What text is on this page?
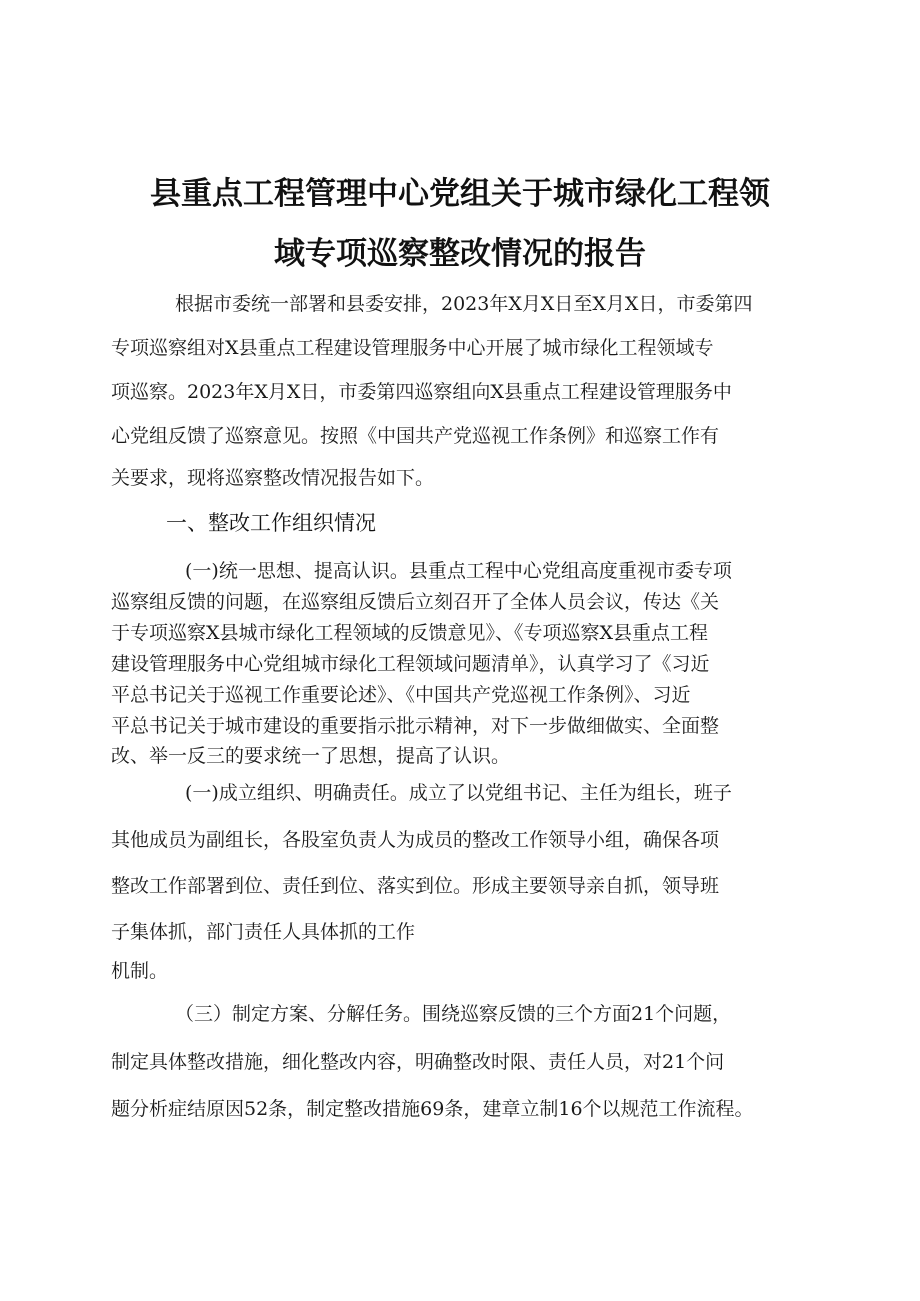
县重点工程管理中心党组关于城市绿化工程领
域专项巡察整改情况的报告
根据市委统一部署和县委安排，2023年X月X日至X月X日，市委第四
专项巡察组对X县重点工程建设管理服务中心开展了城市绿化工程领域专
项巡察。2023年X月X日，市委第四巡察组向X县重点工程建设管理服务中
心党组反馈了巡察意见。按照《中国共产党巡视工作条例》和巡察工作有
关要求，现将巡察整改情况报告如下。
一、整改工作组织情况
(一)统一思想、提高认识。县重点工程中心党组高度重视市委专项
巡察组反馈的问题，在巡察组反馈后立刻召开了全体人员会议，传达《关
于专项巡察X县城市绿化工程领域的反馈意见》、《专项巡察X县重点工程
建设管理服务中心党组城市绿化工程领域问题清单》，认真学习了《习近
平总书记关于巡视工作重要论述》、《中国共产党巡视工作条例》、习近
平总书记关于城市建设的重要指示批示精神，对下一步做细做实、全面整
改、举一反三的要求统一了思想，提高了认识。
(一)成立组织、明确责任。成立了以党组书记、主任为组长，班子
其他成员为副组长，各股室负责人为成员的整改工作领导小组，确保各项
整改工作部署到位、责任到位、落实到位。形成主要领导亲自抓，领导班
子集体抓，部门责任人具体抓的工作
机制。
（三）制定方案、分解任务。围绕巡察反馈的三个方面21个问题，
制定具体整改措施，细化整改内容，明确整改时限、责任人员，对21个问
题分析症结原因52条，制定整改措施69条，建章立制16个以规范工作流程。
